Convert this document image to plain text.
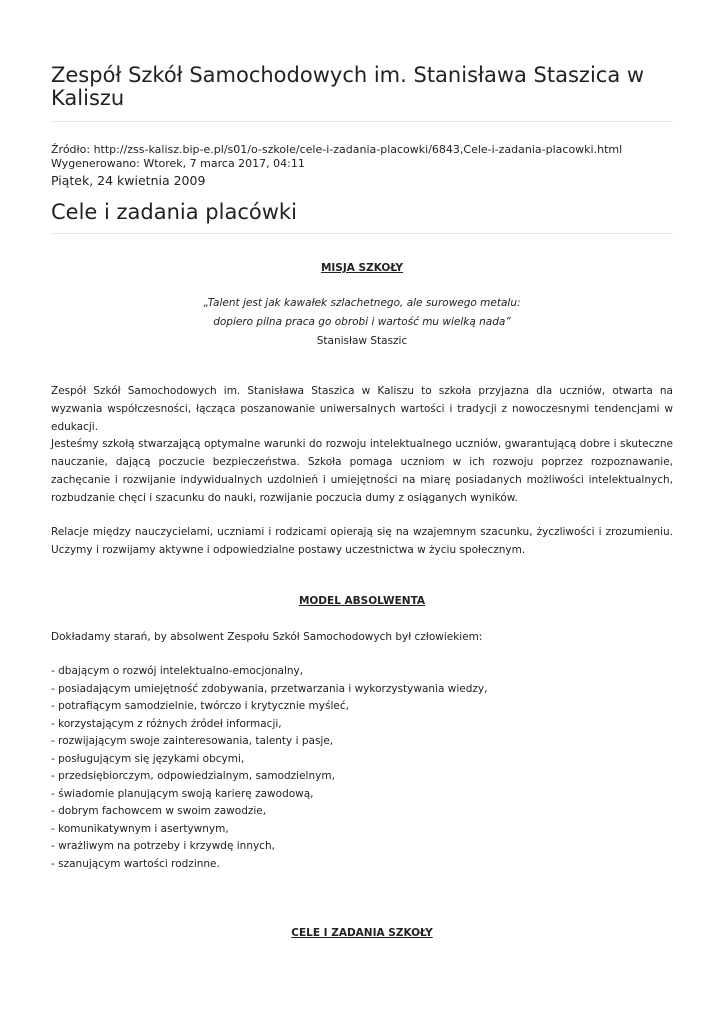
Zespół Szkół Samochodowych im. Stanisława Staszica w Kaliszu
Źródło: http://zss-kalisz.bip-e.pl/s01/o-szkole/cele-i-zadania-placowki/6843,Cele-i-zadania-placowki.html
Wygenerowano: Wtorek, 7 marca 2017, 04:11
Piątek, 24 kwietnia 2009
Cele i zadania placówki
MISJA SZKOŁY
„Talent jest jak kawałek szlachetnego, ale surowego metalu:
dopiero pilna praca go obrobi i wartość mu wielką nada”
Stanisław Staszic
Zespół Szkół Samochodowych im. Stanisława Staszica w Kaliszu to szkoła przyjazna dla uczniów, otwarta na wyzwania współczesności, łącząca poszanowanie uniwersalnych wartości i tradycji z nowoczesnymi tendencjami w edukacji.
Jesteśmy szkołą stwarzającą optymalne warunki do rozwoju intelektualnego uczniów, gwarantującą dobre i skuteczne nauczanie, dającą poczucie bezpieczeństwa. Szkoła pomaga uczniom w ich rozwoju poprzez rozpoznawanie, zachęcanie i rozwijanie indywidualnych uzdolnień i umiejętności na miarę posiadanych możliwości intelektualnych, rozbudzanie chęci i szacunku do nauki, rozwijanie poczucia dumy z osiąganych wyników.
Relacje między nauczycielami, uczniami i rodzicami opierają się na wzajemnym szacunku, życzliwości i zrozumieniu. Uczymy i rozwijamy aktywne i odpowiedzialne postawy uczestnictwa w życiu społecznym.
MODEL ABSOLWENTA
Dokładamy starań, by absolwent Zespołu Szkół Samochodowych był człowiekiem:
- dbającym o rozwój intelektualno-emocjonalny,
- posiadającym umiejętność zdobywania, przetwarzania i wykorzystywania wiedzy,
- potrafiącym samodzielnie, twórczo i krytycznie myśleć,
- korzystającym z różnych źródeł informacji,
- rozwijającym swoje zainteresowania, talenty i pasje,
- posługującym się językami obcymi,
- przedsiębiorczym, odpowiedzialnym, samodzielnym,
- świadomie planującym swoją karierę zawodową,
- dobrym fachowcem w swoim zawodzie,
- komunikatywnym i asertywnym,
- wrażliwym na potrzeby i krzywdę innych,
- szanującym wartości rodzinne.
CELE I ZADANIA SZKOŁY
